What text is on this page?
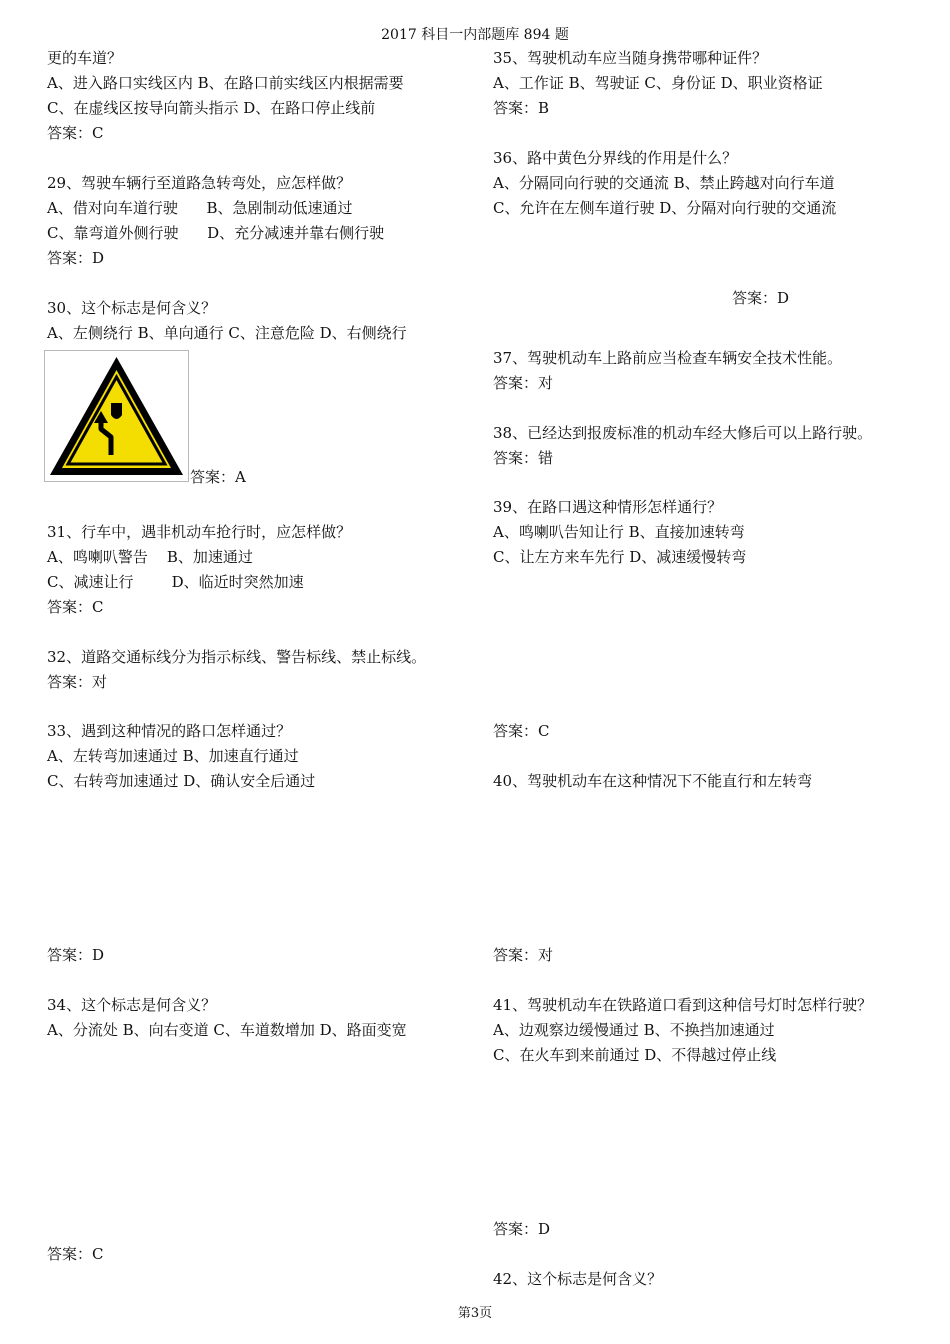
2017 科目一内部题库 894 题
更的车道？
A、进入路口实线区内 B、在路口前实线区内根据需要
C、在虚线区按导向箭头指示 D、在路口停止线前
答案：C
29、驾驶车辆行至道路急转弯处，应怎样做？
A、借对向车道行驶      B、急剧制动低速通过
C、靠弯道外侧行驶      D、充分减速并靠右侧行驶
答案：D
30、这个标志是何含义？
A、左侧绕行 B、单向通行 C、注意危险 D、右侧绕行
答案：A
31、行车中，遇非机动车抢行时，应怎样做？
A、鸣喇叭警告    B、加速通过
C、减速让行        D、临近时突然加速
答案：C
32、道路交通标线分为指示标线、警告标线、禁止标线。
答案：对
33、遇到这种情况的路口怎样通过？
A、左转弯加速通过 B、加速直行通过
C、右转弯加速通过 D、确认安全后通过
答案：D
34、这个标志是何含义？
A、分流处 B、向右变道 C、车道数增加 D、路面变宽
答案：C
35、驾驶机动车应当随身携带哪种证件？
A、工作证 B、驾驶证 C、身份证 D、职业资格证
答案：B
36、路中黄色分界线的作用是什么？
A、分隔同向行驶的交通流 B、禁止跨越对向行车道
C、允许在左侧车道行驶 D、分隔对向行驶的交通流
答案：D
37、驾驶机动车上路前应当检查车辆安全技术性能。
答案：对
38、已经达到报废标准的机动车经大修后可以上路行驶。
答案：错
39、在路口遇这种情形怎样通行？
A、鸣喇叭告知让行 B、直接加速转弯
C、让左方来车先行 D、减速缓慢转弯
答案：C
40、驾驶机动车在这种情况下不能直行和左转弯
答案：对
41、驾驶机动车在铁路道口看到这种信号灯时怎样行驶？
A、边观察边缓慢通过 B、不换挡加速通过
C、在火车到来前通过 D、不得越过停止线
答案：D
42、这个标志是何含义？
第3页
